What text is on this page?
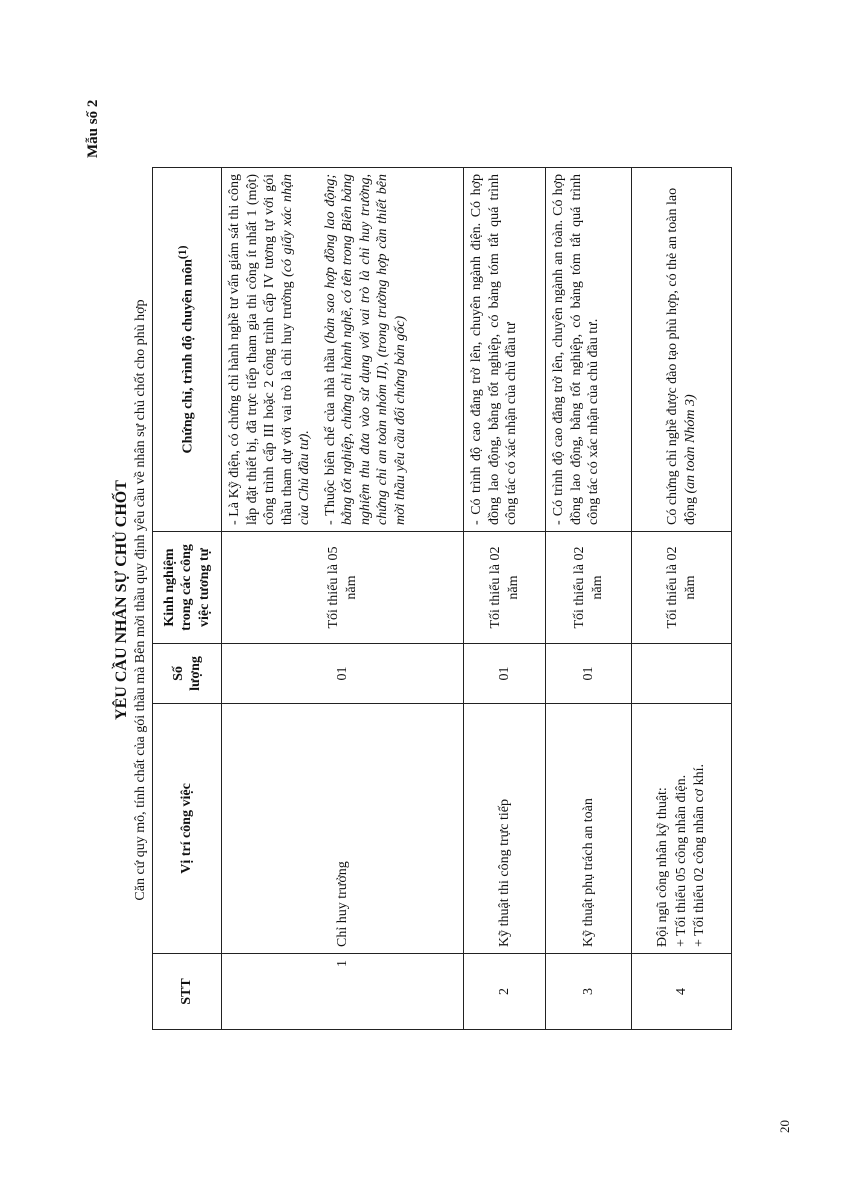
20
Mẫu số 2
YÊU CẦU NHÂN SỰ CHỦ CHỐT Căn cứ quy mô, tính chất của gói thầu mà Bên mời thầu quy định yêu cầu về nhân sự chủ chốt cho phù hợp
STT	Vị trí công việc	Số lượng	Kinh nghiệm trong các công việc tương tự	Chứng chỉ, trình độ chuyên môn$^{(1)}$
1	Chỉ huy trưởng	01	Tối thiểu là 05 năm	- Là Kỹ điện, có chứng chỉ hành nghề tư vấn giám sát thi công lắp đặt thiết bị, đã trực tiếp tham gia thi công ít nhất 1 (một) công trình cấp III hoặc 2 công trình cấp IV tương tự với gói thầu tham dự với vai trò là chỉ huy trưởng (có giấy xác nhận của Chủ đầu tư). - Thuộc biên chế của nhà thầu (bản sao hợp đồng lao động; bằng tốt nghiệp, chứng chỉ hành nghề, có tên trong Biên bảng nghiệm thu đưa vào sử dụng với vai trò là chỉ huy trưởng, chứng chỉ an toàn nhóm II), (trong trường hợp cần thiết bên mời thầu yêu cầu đối chứng bản gốc)

2	Kỹ thuật thi công trực tiếp	01	Tối thiểu là 02 năm	- Có trình độ cao đẳng trở lên, chuyên ngành điện. Có hợp đồng lao động, bằng tốt nghiệp, có bảng tóm tắt quá trình công tác có xác nhận của chủ đầu tư
3	Kỹ thuật phụ trách an toàn	01	Tối thiểu là 02 năm	- Có trình độ cao đẳng trở lên, chuyên ngành an toàn. Có hợp đồng lao động, bằng tốt nghiệp, có bảng tóm tắt quá trình công tác có xác nhận của chủ đầu tư.
4	Đội ngũ công nhân kỹ thuật: + Tối thiểu 05 công nhân điện. + Tối thiểu 02 công nhân cơ khí.		Tối thiểu là 02 năm	Có chứng chỉ nghề được đào tạo phù hợp, có thẻ an toàn lao động (an toàn Nhóm 3)
